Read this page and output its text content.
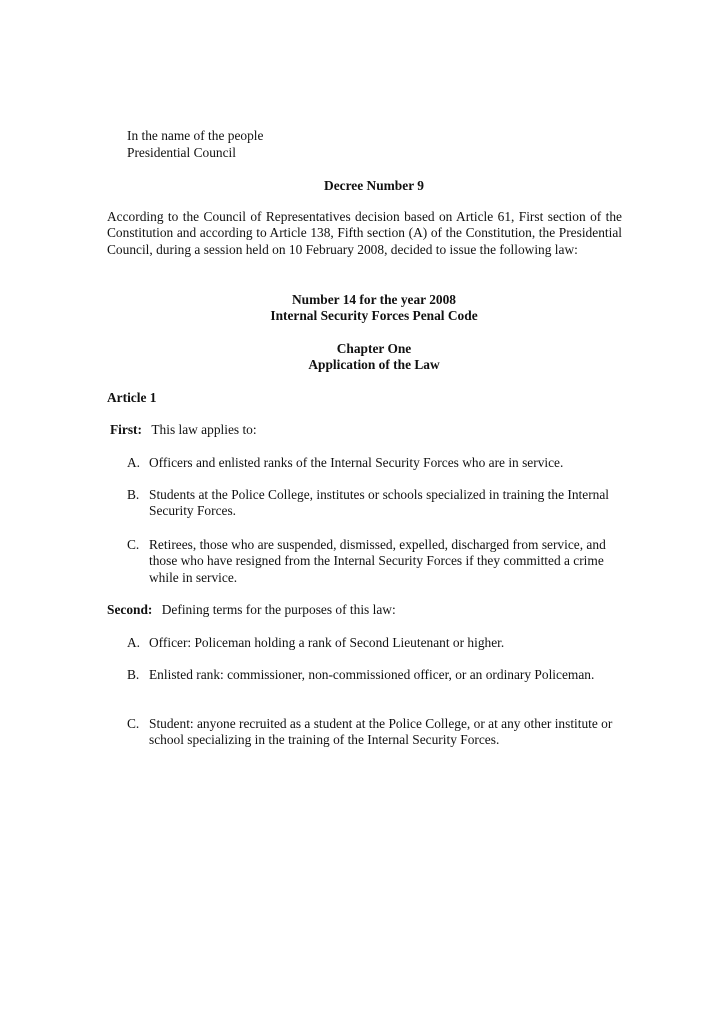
In the name of the people
Presidential Council
Decree Number 9
According to the Council of Representatives decision based on Article 61, First section of the Constitution and according to Article 138, Fifth section (A) of the Constitution, the Presidential Council, during a session held on 10 February 2008, decided to issue the following law:
Number 14 for the year 2008
Internal Security Forces Penal Code
Chapter One
Application of the Law
Article 1
First: This law applies to:
A. Officers and enlisted ranks of the Internal Security Forces who are in service.
B. Students at the Police College, institutes or schools specialized in training the Internal Security Forces.
C. Retirees, those who are suspended, dismissed, expelled, discharged from service, and those who have resigned from the Internal Security Forces if they committed a crime while in service.
Second: Defining terms for the purposes of this law:
A. Officer: Policeman holding a rank of Second Lieutenant or higher.
B. Enlisted rank: commissioner, non-commissioned officer, or an ordinary Policeman.
C. Student: anyone recruited as a student at the Police College, or at any other institute or school specializing in the training of the Internal Security Forces.
